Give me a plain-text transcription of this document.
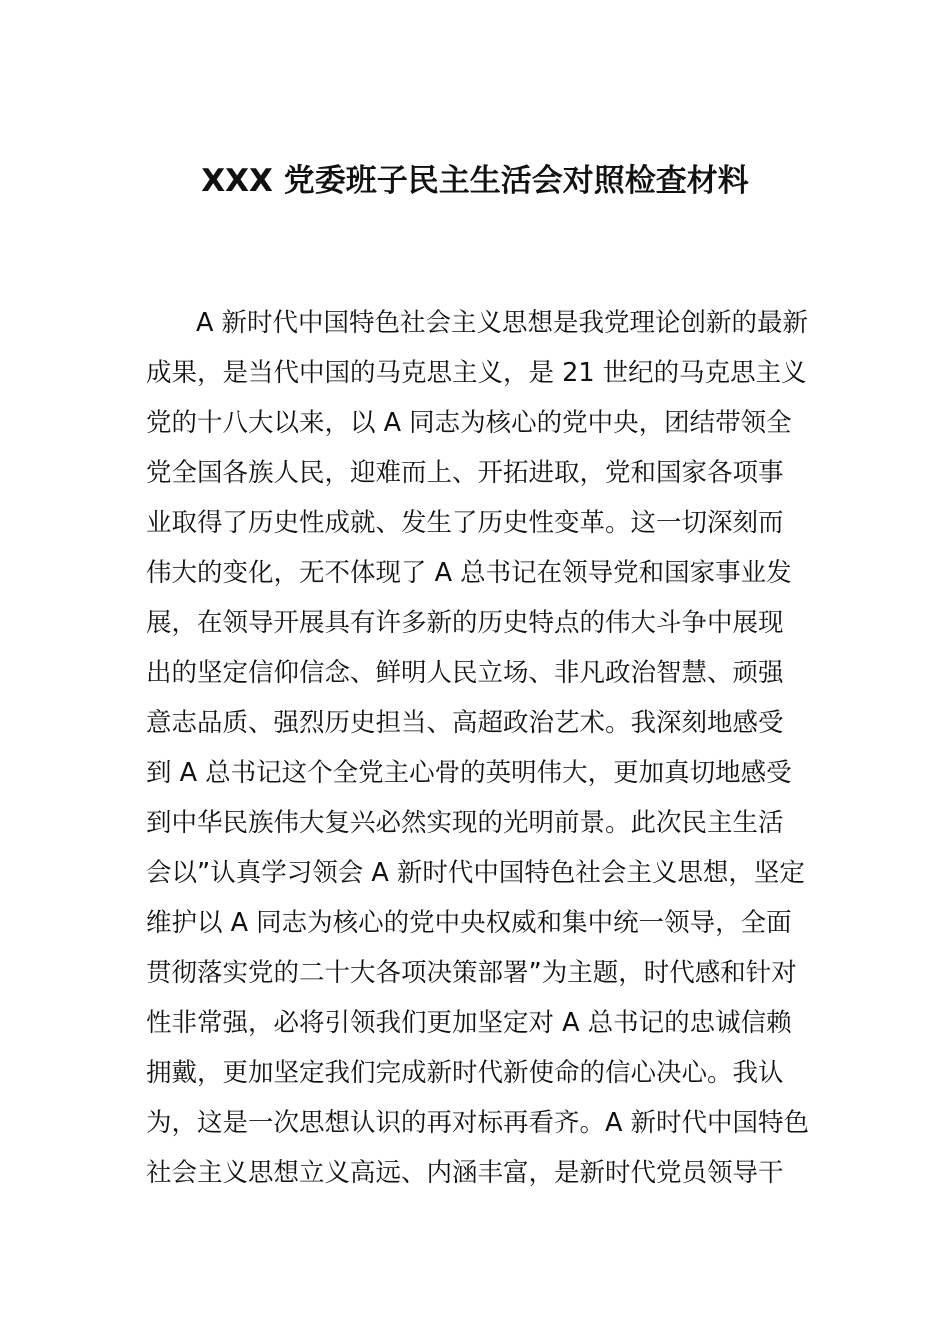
XXX 党委班子民主生活会对照检查材料
A 新时代中国特色社会主义思想是我党理论创新的最新
成果，是当代中国的马克思主义，是 21 世纪的马克思主义
党的十八大以来，以 A 同志为核心的党中央，团结带领全
党全国各族人民，迎难而上、开拓进取，党和国家各项事
业取得了历史性成就、发生了历史性变革。这一切深刻而
伟大的变化，无不体现了 A 总书记在领导党和国家事业发
展，在领导开展具有许多新的历史特点的伟大斗争中展现
出的坚定信仰信念、鲜明人民立场、非凡政治智慧、顽强
意志品质、强烈历史担当、高超政治艺术。我深刻地感受
到 A 总书记这个全党主心骨的英明伟大，更加真切地感受
到中华民族伟大复兴必然实现的光明前景。此次民主生活
会以”认真学习领会 A 新时代中国特色社会主义思想，坚定
维护以 A 同志为核心的党中央权威和集中统一领导，全面
贯彻落实党的二十大各项决策部署”为主题，时代感和针对
性非常强，必将引领我们更加坚定对 A 总书记的忠诚信赖
拥戴，更加坚定我们完成新时代新使命的信心决心。我认
为，这是一次思想认识的再对标再看齐。A 新时代中国特色
社会主义思想立义高远、内涵丰富，是新时代党员领导干
